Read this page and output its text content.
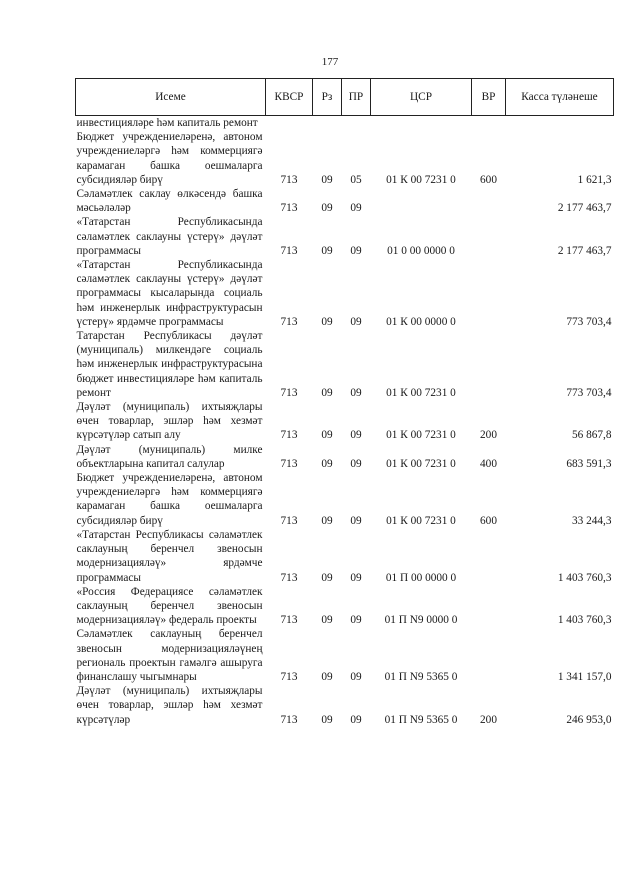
177
Исеме	КВСР	Рз	ПР	ЦСР	ВР	Касса түләнеше
инвестицияләре һәм капиталь ремонт						
Бюджет учреждениеләренә, автоном учреждениеләргә һәм коммерциягә карамаган башка оешмаларга субсидияләр бирү	713	09	05	01 К 00 7231 0	600	1 621,3
Сәламәтлек саклау өлкәсендә башка мәсьәләләр	713	09	09			2 177 463,7
«Татарстан Республикасында сәламәтлек саклауны үстерү» дәүләт программасы	713	09	09	01 0 00 0000 0		2 177 463,7
«Татарстан Республикасында сәламәтлек саклауны үстерү» дәүләт программасы кысаларында социаль һәм инженерлык инфраструктурасын үстерү» ярдәмче программасы	713	09	09	01 К 00 0000 0		773 703,4
Татарстан Республикасы дәүләт (муниципаль) милкендәге социаль һәм инженерлык инфраструктурасына бюджет инвестицияләре һәм капиталь ремонт	713	09	09	01 К 00 7231 0		773 703,4
Дәүләт (муниципаль) ихтыяҗлары өчен товарлар, эшләр һәм хезмәт күрсәтүләр сатып алу	713	09	09	01 К 00 7231 0	200	56 867,8
Дәүләт (муниципаль) милке объектларына капитал салулар	713	09	09	01 К 00 7231 0	400	683 591,3
Бюджет учреждениеләренә, автоном учреждениеләргә һәм коммерциягә карамаган башка оешмаларга субсидияләр бирү	713	09	09	01 К 00 7231 0	600	33 244,3
«Татарстан Республикасы сәламәтлек саклауның беренчел звеносын модернизацияләү» ярдәмче программасы	713	09	09	01 П 00 0000 0		1 403 760,3
«Россия Федерациясе сәламәтлек саклауның беренчел звеносын модернизацияләү» федераль проекты	713	09	09	01 П N9 0000 0		1 403 760,3
Сәламәтлек саклауның беренчел звеносын модернизацияләүнең региональ проектын гамәлгә ашыруга финанслашу чыгымнары	713	09	09	01 П N9 5365 0		1 341 157,0
Дәүләт (муниципаль) ихтыяҗлары өчен товарлар, эшләр һәм хезмәт күрсәтүләр	713	09	09	01 П N9 5365 0	200	246 953,0
